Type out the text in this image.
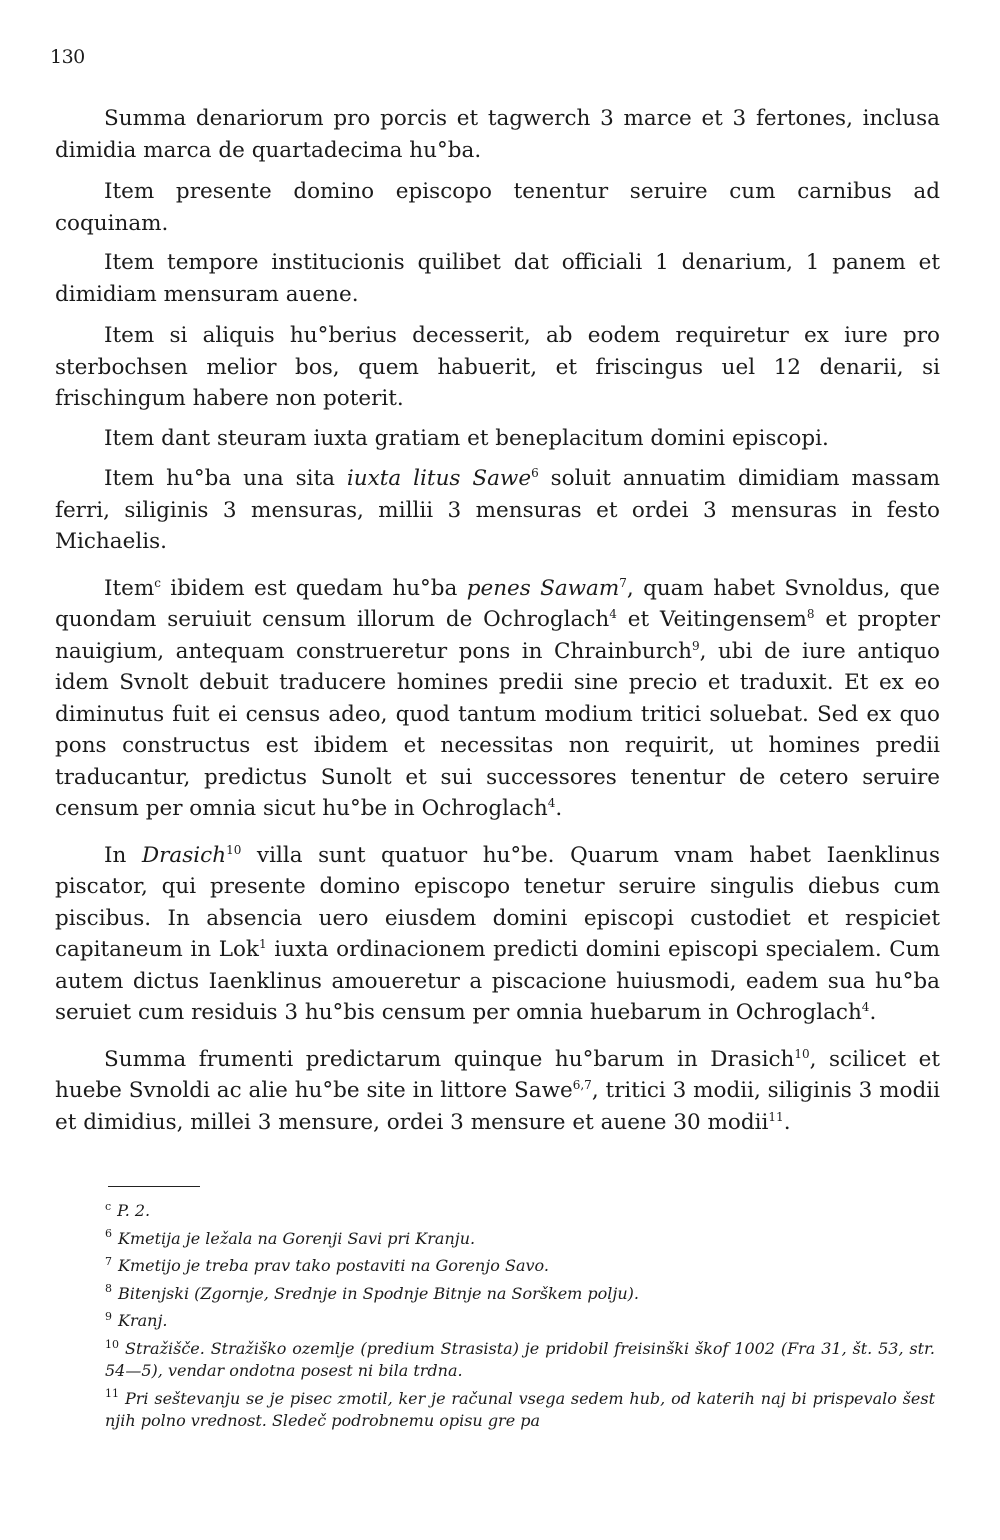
130

Summa denariorum pro porcis et tagwerch 3 marce et 3 fertones, inclusa dimidia marca de quartadecima hu°ba.

Item presente domino episcopo tenentur seruire cum carnibus ad coquinam.

Item tempore institucionis quilibet dat officiali 1 denarium, 1 panem et dimidiam mensuram auene.

Item si aliquis hu°berius decesserit, ab eodem requiretur ex iure pro sterbochsen melior bos, quem habuerit, et friscingus uel 12 denarii, si frischingum habere non poterit.

Item dant steuram iuxta gratiam et beneplacitum domini episcopi.

Item hu°ba una sita iuxta litus Sawe$^6$ soluit annuatim dimidiam massam ferri, siliginis 3 mensuras, millii 3 mensuras et ordei 3 mensuras in festo Michaelis.

Item$^c$ ibidem est quedam hu°ba penes Sawam$^7$, quam habet Svnoldus, que quondam seruiuit censum illorum de Ochroglach$^4$ et Veitingensem$^8$ et propter nauigium, antequam construeretur pons in Chrainburch$^9$, ubi de iure antiquo idem Svnolt debuit traducere homines predii sine precio et traduxit. Et ex eo diminutus fuit ei census adeo, quod tantum modium tritici soluebat. Sed ex quo pons constructus est ibidem et necessitas non requirit, ut homines predii traducantur, predictus Sunolt et sui successores tenentur de cetero seruire censum per omnia sicut hu°be in Ochroglach$^4$.

In Drasich$^{10}$ villa sunt quatuor hu°be. Quarum vnam habet Iaenklinus piscator, qui presente domino episcopo tenetur seruire singulis diebus cum piscibus. In absencia uero eiusdem domini episcopi custodiet et respiciet capitaneum in Lok$^1$ iuxta ordinacionem predicti domini episcopi specialem. Cum autem dictus Iaenklinus amoueretur a piscacione huiusmodi, eadem sua hu°ba seruiet cum residuis 3 hu°bis censum per omnia huebarum in Ochroglach$^4$.

Summa frumenti predictarum quinque hu°barum in Drasich$^{10}$, scilicet et huebe Svnoldi ac alie hu°be site in littore Sawe$^{6,7}$, tritici 3 modii, siliginis 3 modii et dimidius, millei 3 mensure, ordei 3 mensure et auene 30 modii$^{11}$.

$^c$ P. 2.

$^6$ Kmetija je ležala na Gorenji Savi pri Kranju.

$^7$ Kmetijo je treba prav tako postaviti na Gorenjo Savo.

$^8$ Bitenjski (Zgornje, Srednje in Spodnje Bitnje na Sorškem polju).

$^9$ Kranj.

$^{10}$ Stražišče. Stražiško ozemlje (predium Strasista) je pridobil freisinški škof 1002 (Fra 31, št. 53, str. 54—5), vendar ondotna posest ni bila trdna.

$^{11}$ Pri seštevanju se je pisec zmotil, ker je računal vsega sedem hub, od katerih naj bi prispevalo šest njih polno vrednost. Sledeč podrobnemu opisu gre pa
